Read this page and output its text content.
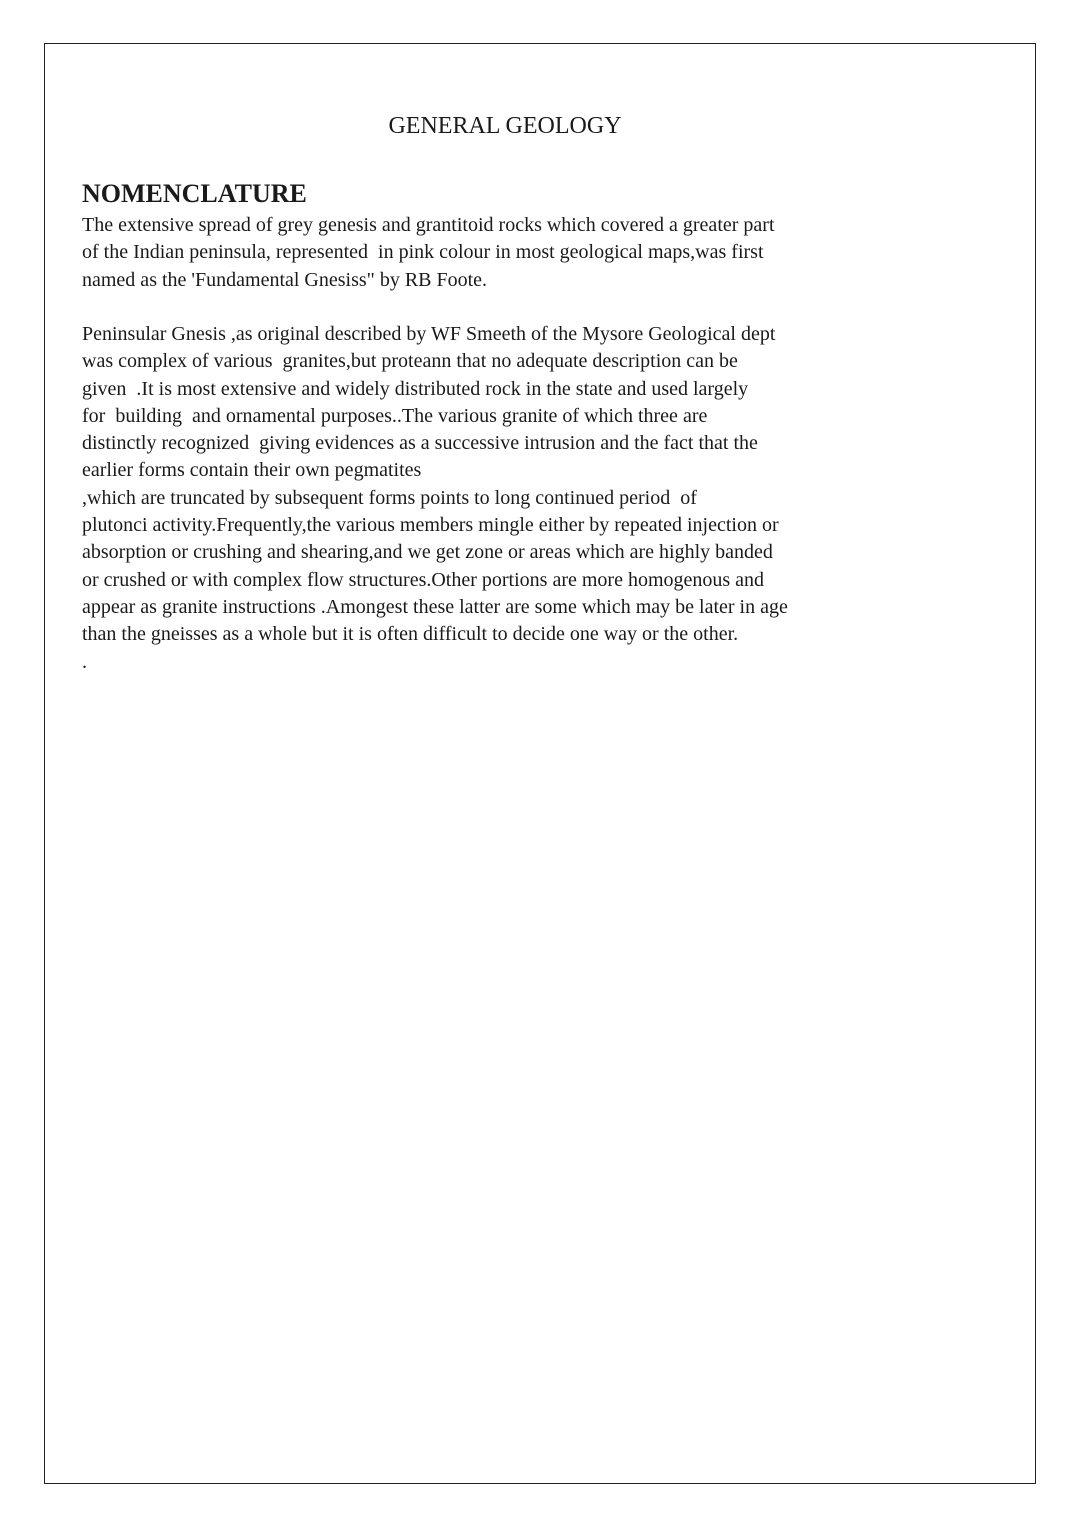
GENERAL GEOLOGY
NOMENCLATURE

The extensive spread of grey genesis and grantitoid rocks which covered a greater part
of the Indian peninsula, represented  in pink colour in most geological maps,was first
named as the 'Fundamental Gnesiss" by RB Foote.

Peninsular Gnesis ,as original described by WF Smeeth of the Mysore Geological dept
was complex of various  granites,but proteann that no adequate description can be
given  .It is most extensive and widely distributed rock in the state and used largely
for  building  and ornamental purposes..The various granite of which three are
distinctly recognized  giving evidences as a successive intrusion and the fact that the
earlier forms contain their own pegmatites
,which are truncated by subsequent forms points to long continued period  of
plutonci activity.Frequently,the various members mingle either by repeated injection or
absorption or crushing and shearing,and we get zone or areas which are highly banded
or crushed or with complex flow structures.Other portions are more homogenous and
appear as granite instructions .Amongest these latter are some which may be later in age
than the gneisses as a whole but it is often difficult to decide one way or the other.
.
